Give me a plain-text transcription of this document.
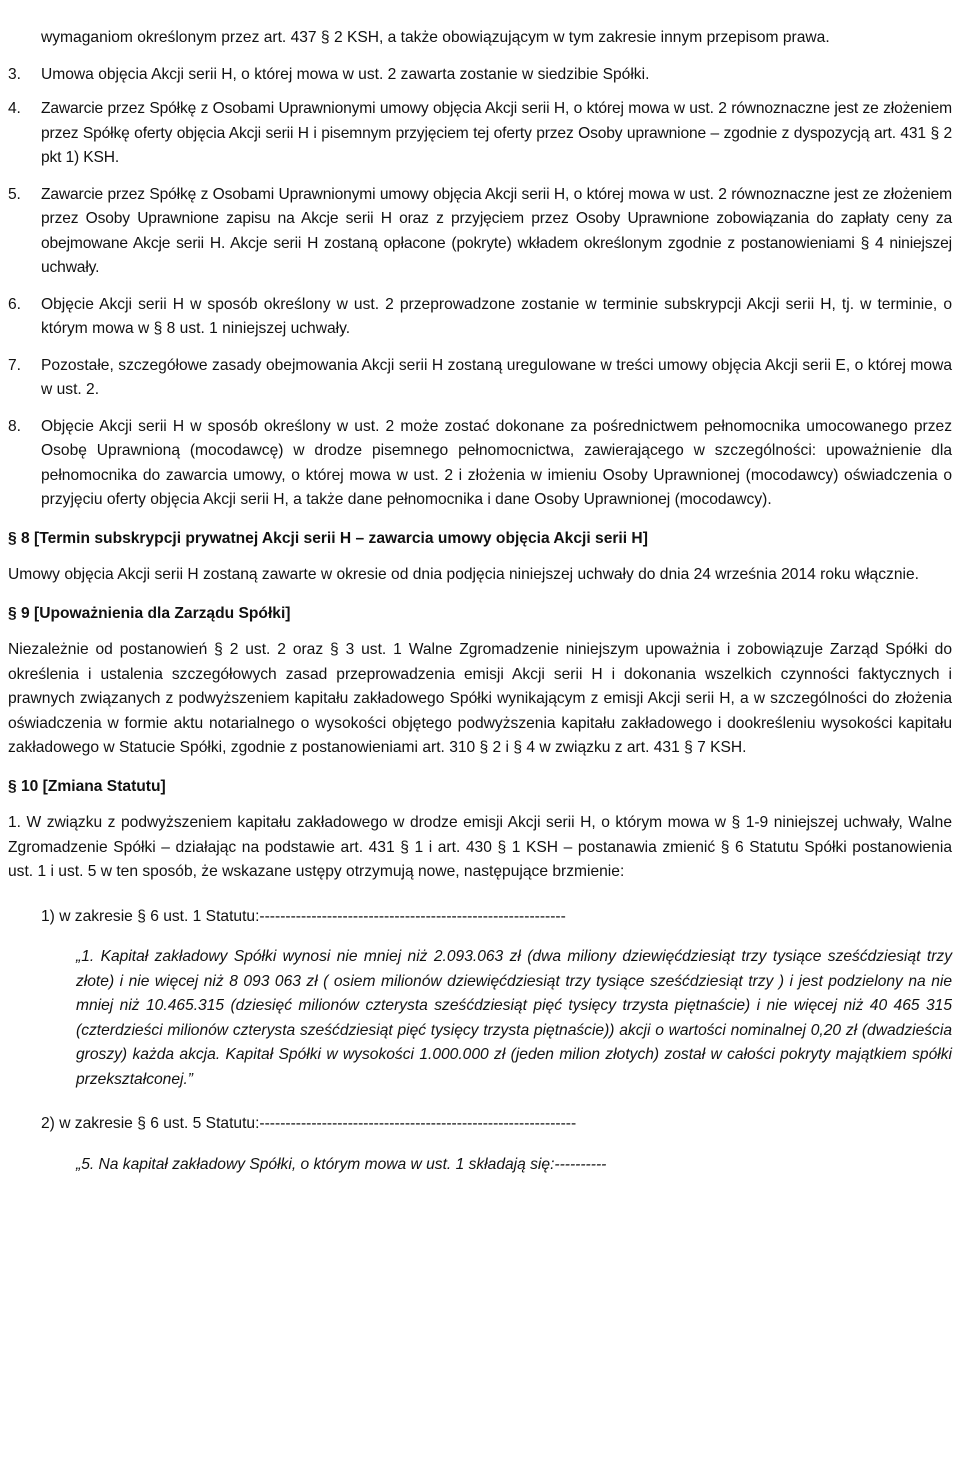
wymaganiom określonym przez art. 437 § 2 KSH, a także obowiązującym w tym zakresie innym przepisom prawa.
3. Umowa objęcia Akcji serii H, o której mowa w ust. 2 zawarta zostanie w siedzibie Spółki.
4. Zawarcie przez Spółkę z Osobami Uprawnionymi umowy objęcia Akcji serii H, o której mowa w ust. 2 równoznaczne jest ze złożeniem przez Spółkę oferty objęcia Akcji serii H i pisemnym przyjęciem tej oferty przez Osoby uprawnione – zgodnie z dyspozycją art. 431 § 2 pkt 1) KSH.
5. Zawarcie przez Spółkę z Osobami Uprawnionymi umowy objęcia Akcji serii H, o której mowa w ust. 2 równoznaczne jest ze złożeniem przez Osoby Uprawnione zapisu na Akcje serii H oraz z przyjęciem przez Osoby Uprawnione zobowiązania do zapłaty ceny za obejmowane Akcje serii H. Akcje serii H zostaną opłacone (pokryte) wkładem określonym zgodnie z postanowieniami § 4 niniejszej uchwały.
6. Objęcie Akcji serii H w sposób określony w ust. 2 przeprowadzone zostanie w terminie subskrypcji Akcji serii H, tj. w terminie, o którym mowa w § 8 ust. 1 niniejszej uchwały.
7. Pozostałe, szczegółowe zasady obejmowania Akcji serii H zostaną uregulowane w treści umowy objęcia Akcji serii E, o której mowa w ust. 2.
8. Objęcie Akcji serii H w sposób określony w ust. 2 może zostać dokonane za pośrednictwem pełnomocnika umocowanego przez Osobę Uprawnioną (mocodawcę) w drodze pisemnego pełnomocnictwa, zawierającego w szczególności: upoważnienie dla pełnomocnika do zawarcia umowy, o której mowa w ust. 2 i złożenia w imieniu Osoby Uprawnionej (mocodawcy) oświadczenia o przyjęciu oferty objęcia Akcji serii H, a także dane pełnomocnika i dane Osoby Uprawnionej (mocodawcy).
§ 8 [Termin subskrypcji prywatnej Akcji serii H – zawarcia umowy objęcia Akcji serii H]
Umowy objęcia Akcji serii H zostaną zawarte w okresie od dnia podjęcia niniejszej uchwały do dnia 24 września 2014 roku włącznie.
§ 9 [Upoważnienia dla Zarządu Spółki]
Niezależnie od postanowień § 2 ust. 2 oraz § 3 ust. 1 Walne Zgromadzenie niniejszym upoważnia i zobowiązuje Zarząd Spółki do określenia i ustalenia szczegółowych zasad przeprowadzenia emisji Akcji serii H i dokonania wszelkich czynności faktycznych i prawnych związanych z podwyższeniem kapitału zakładowego Spółki wynikającym z emisji Akcji serii H, a w szczególności do złożenia oświadczenia w formie aktu notarialnego o wysokości objętego podwyższenia kapitału zakładowego i dookreśleniu wysokości kapitału zakładowego w Statucie Spółki, zgodnie z postanowieniami art. 310 § 2 i § 4 w związku z art. 431 § 7 KSH.
§ 10 [Zmiana Statutu]
1. W związku z podwyższeniem kapitału zakładowego w drodze emisji Akcji serii H, o którym mowa w § 1-9 niniejszej uchwały, Walne Zgromadzenie Spółki – działając na podstawie art. 431 § 1 i art. 430 § 1 KSH – postanawia zmienić § 6 Statutu Spółki postanowienia ust. 1 i ust. 5 w ten sposób, że wskazane ustępy otrzymują nowe, następujące brzmienie:
1) w zakresie § 6 ust. 1 Statutu:-----------------------------------------------------------
„1. Kapitał zakładowy Spółki wynosi nie mniej niż 2.093.063 zł (dwa miliony dziewięćdziesiąt trzy tysiące sześćdziesiąt trzy złote) i nie więcej niż 8 093 063 zł ( osiem milionów dziewięćdziesiąt trzy tysiące sześćdziesiąt trzy ) i jest podzielony na nie mniej niż 10.465.315 (dziesięć milionów czterysta sześćdziesiąt pięć tysięcy trzysta piętnaście) i nie więcej niż 40 465 315 (czterdzieści milionów czterysta sześćdziesiąt pięć tysięcy trzysta piętnaście)) akcji o wartości nominalnej 0,20 zł (dwadzieścia groszy) każda akcja. Kapitał Spółki w wysokości 1.000.000 zł (jeden milion złotych) został w całości pokryty majątkiem spółki przekształconej.”
2) w zakresie § 6 ust. 5 Statutu:-------------------------------------------------------------
„5. Na kapitał zakładowy Spółki, o którym mowa w ust. 1 składają się:----------
